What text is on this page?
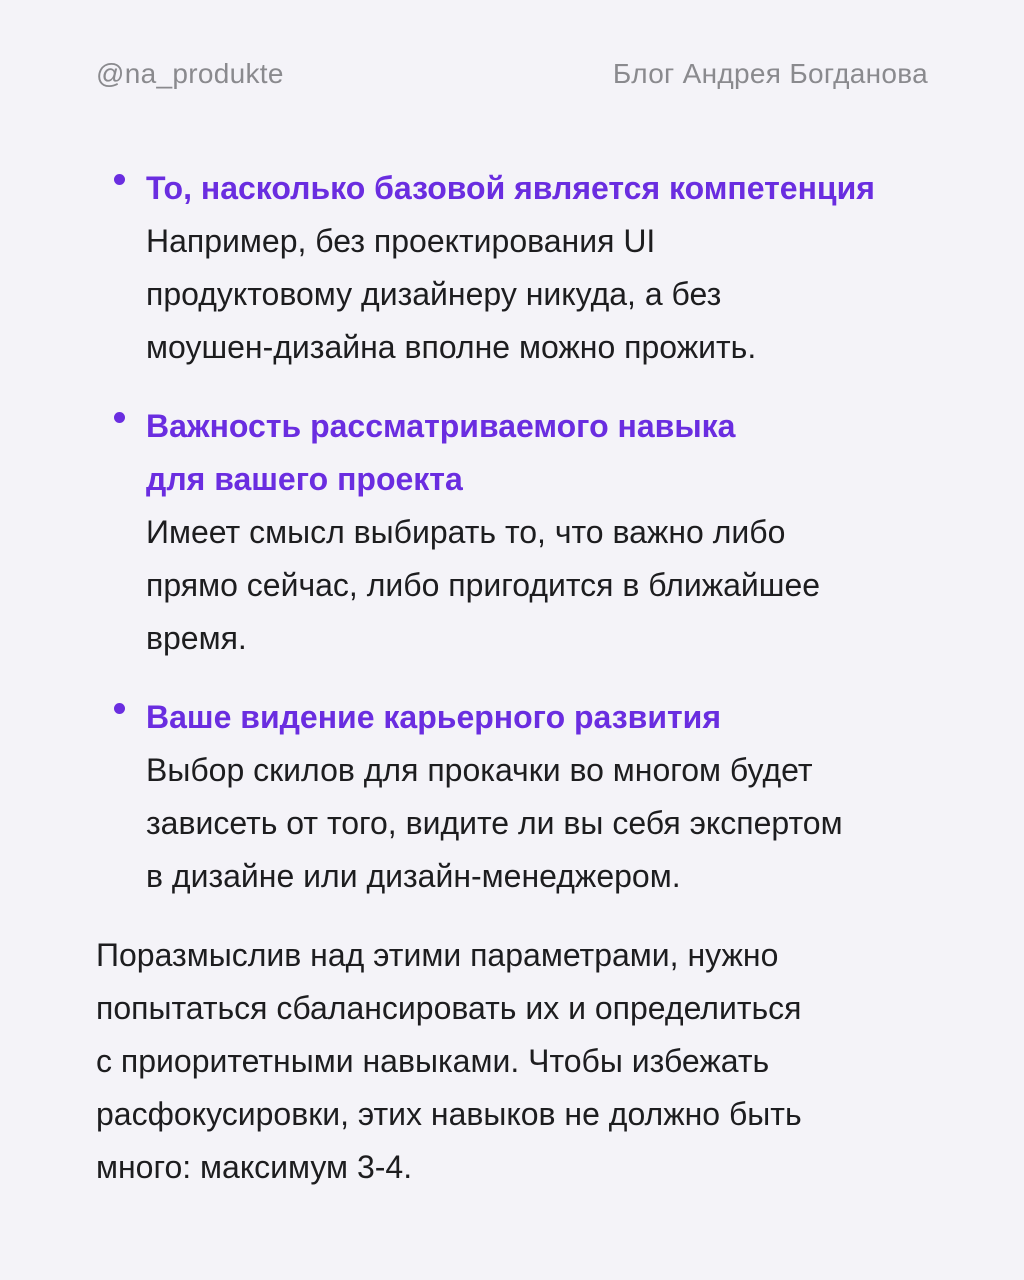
@na_produkte	Блог Андрея Богданова
То, насколько базовой является компетенция
Например, без проектирования UI
продуктовому дизайнеру никуда, а без
моушен-дизайна вполне можно прожить.
Важность рассматриваемого навыка
для вашего проекта
Имеет смысл выбирать то, что важно либо
прямо сейчас, либо пригодится в ближайшее
время.
Ваше видение карьерного развития
Выбор скилов для прокачки во многом будет
зависеть от того, видите ли вы себя экспертом
в дизайне или дизайн-менеджером.
Поразмыслив над этими параметрами, нужно
попытаться сбалансировать их и определиться
с приоритетными навыками. Чтобы избежать
расфокусировки, этих навыков не должно быть
много: максимум 3-4.
